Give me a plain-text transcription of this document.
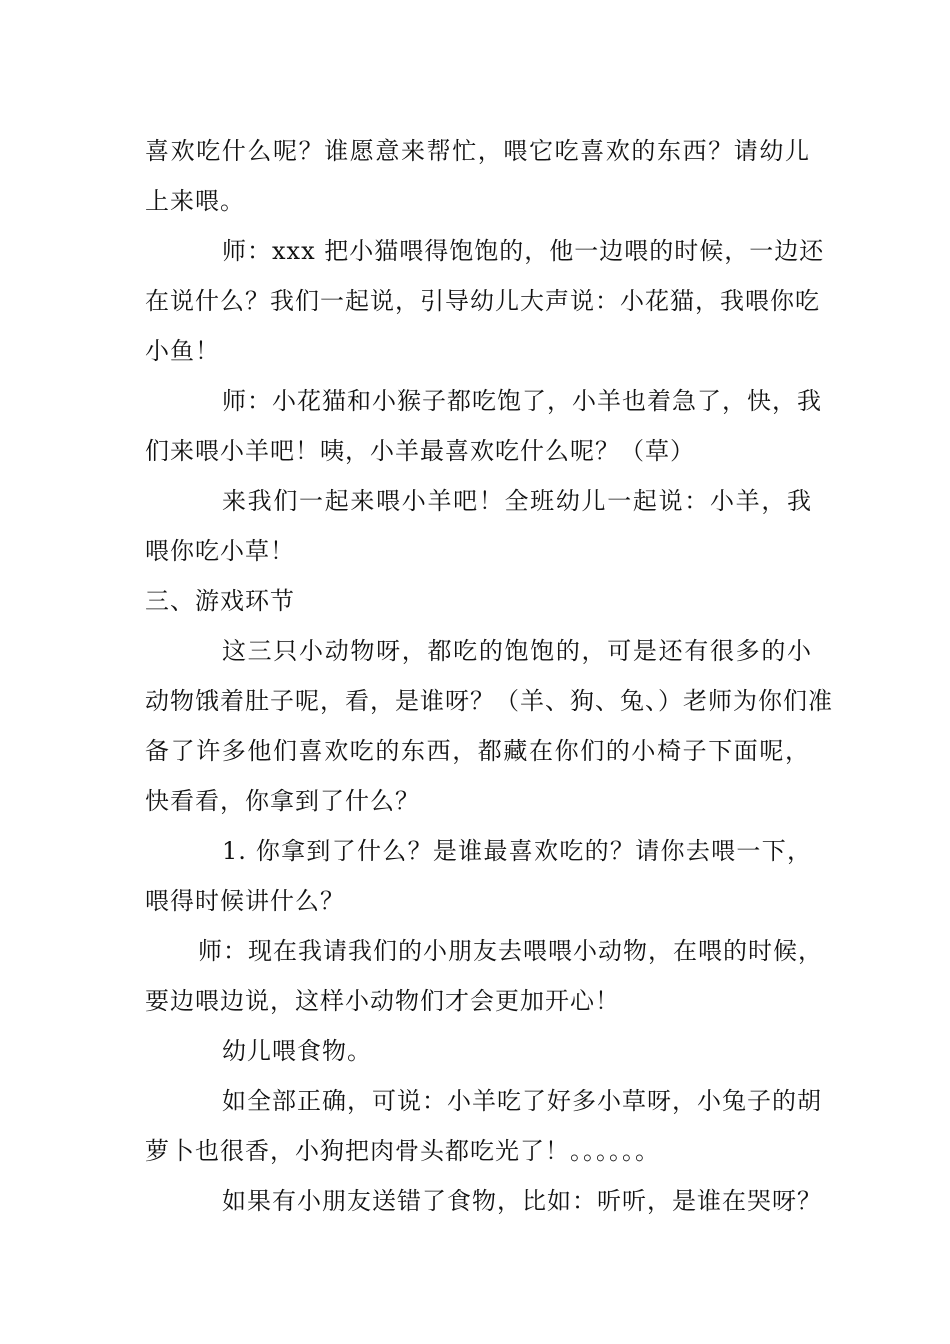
喜欢吃什么呢？谁愿意来帮忙，喂它吃喜欢的东西？请幼儿
上来喂。
师：xxx 把小猫喂得饱饱的，他一边喂的时候，一边还
在说什么？我们一起说，引导幼儿大声说：小花猫，我喂你吃
小鱼！
师：小花猫和小猴子都吃饱了，小羊也着急了，快，我
们来喂小羊吧！咦，小羊最喜欢吃什么呢？（草）
来我们一起来喂小羊吧！全班幼儿一起说：小羊，我
喂你吃小草！
三、游戏环节
这三只小动物呀，都吃的饱饱的，可是还有很多的小
动物饿着肚子呢，看，是谁呀？（羊、狗、兔、）老师为你们准
备了许多他们喜欢吃的东西，都藏在你们的小椅子下面呢，
快看看，你拿到了什么？
1. 你拿到了什么？是谁最喜欢吃的？请你去喂一下，
喂得时候讲什么？
师：现在我请我们的小朋友去喂喂小动物，在喂的时候，
要边喂边说，这样小动物们才会更加开心！
幼儿喂食物。
如全部正确，可说：小羊吃了好多小草呀，小兔子的胡
萝卜也很香，小狗把肉骨头都吃光了！。。。。。。
如果有小朋友送错了食物，比如：听听，是谁在哭呀？
